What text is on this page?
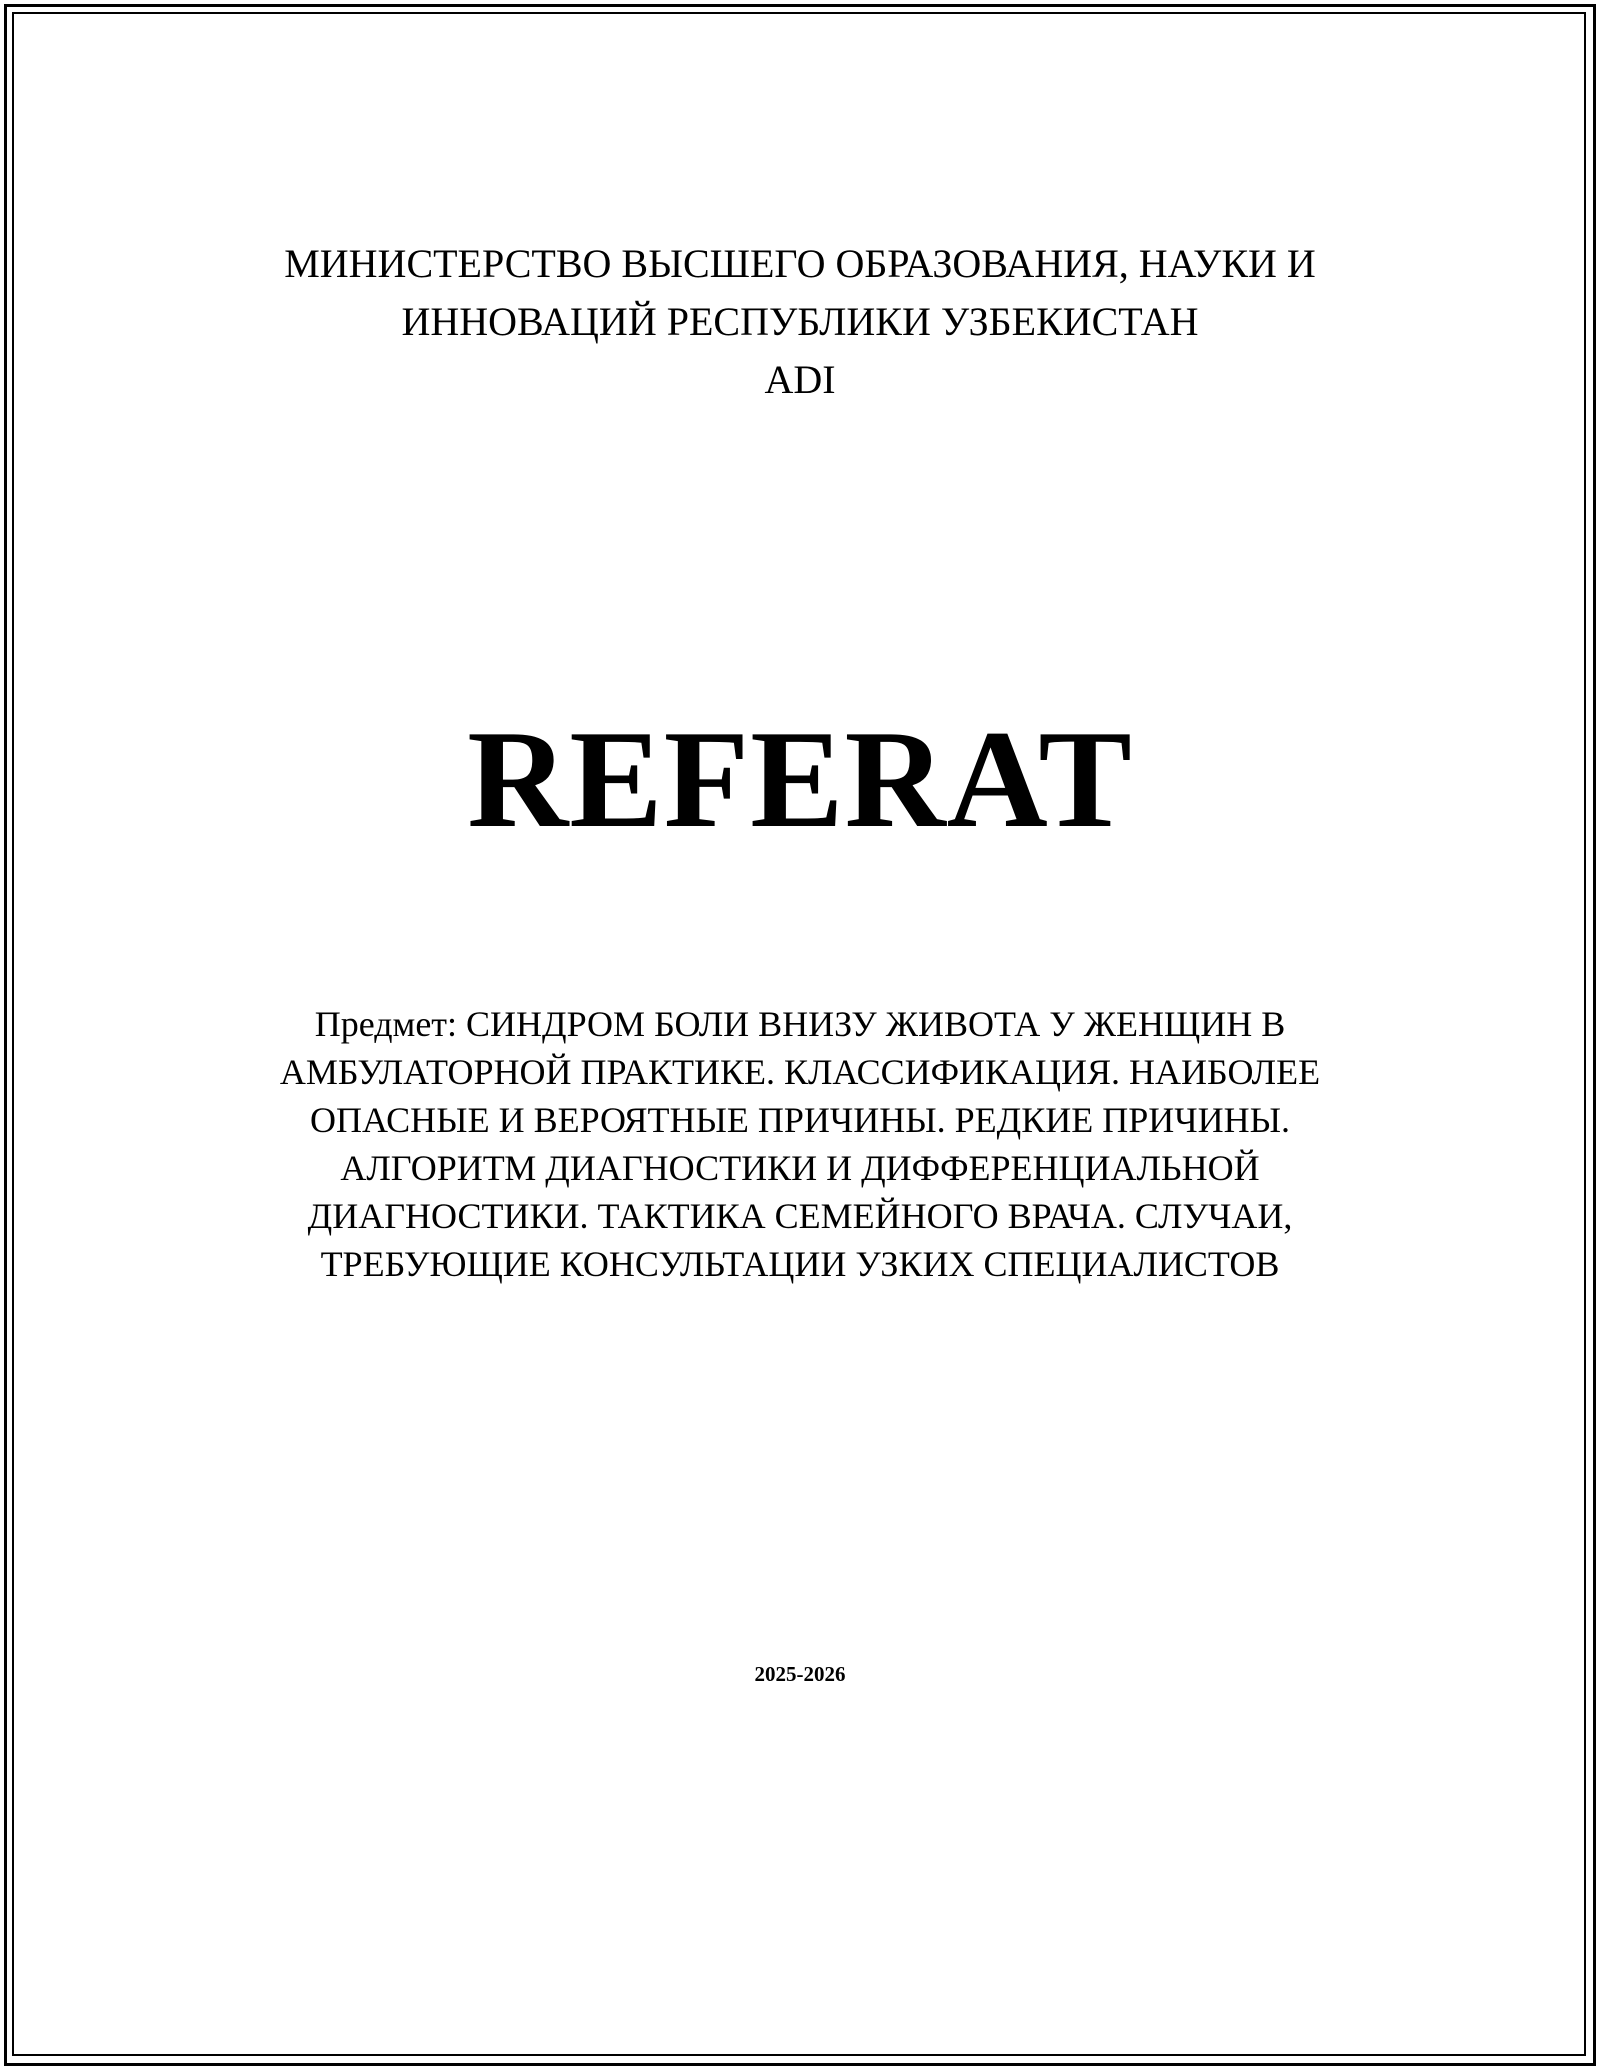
МИНИСТЕРСТВО ВЫСШЕГО ОБРАЗОВАНИЯ, НАУКИ И
ИННОВАЦИЙ РЕСПУБЛИКИ УЗБЕКИСТАН
ADI
REFERAT
Предмет: СИНДРОМ БОЛИ ВНИЗУ ЖИВОТА У ЖЕНЩИН В
АМБУЛАТОРНОЙ ПРАКТИКЕ. КЛАССИФИКАЦИЯ. НАИБОЛЕЕ
ОПАСНЫЕ И ВЕРОЯТНЫЕ ПРИЧИНЫ. РЕДКИЕ ПРИЧИНЫ.
АЛГОРИТМ ДИАГНОСТИКИ И ДИФФЕРЕНЦИАЛЬНОЙ
ДИАГНОСТИКИ. ТАКТИКА СЕМЕЙНОГО ВРАЧА. СЛУЧАИ,
ТРЕБУЮЩИЕ КОНСУЛЬТАЦИИ УЗКИХ СПЕЦИАЛИСТОВ
2025-2026
